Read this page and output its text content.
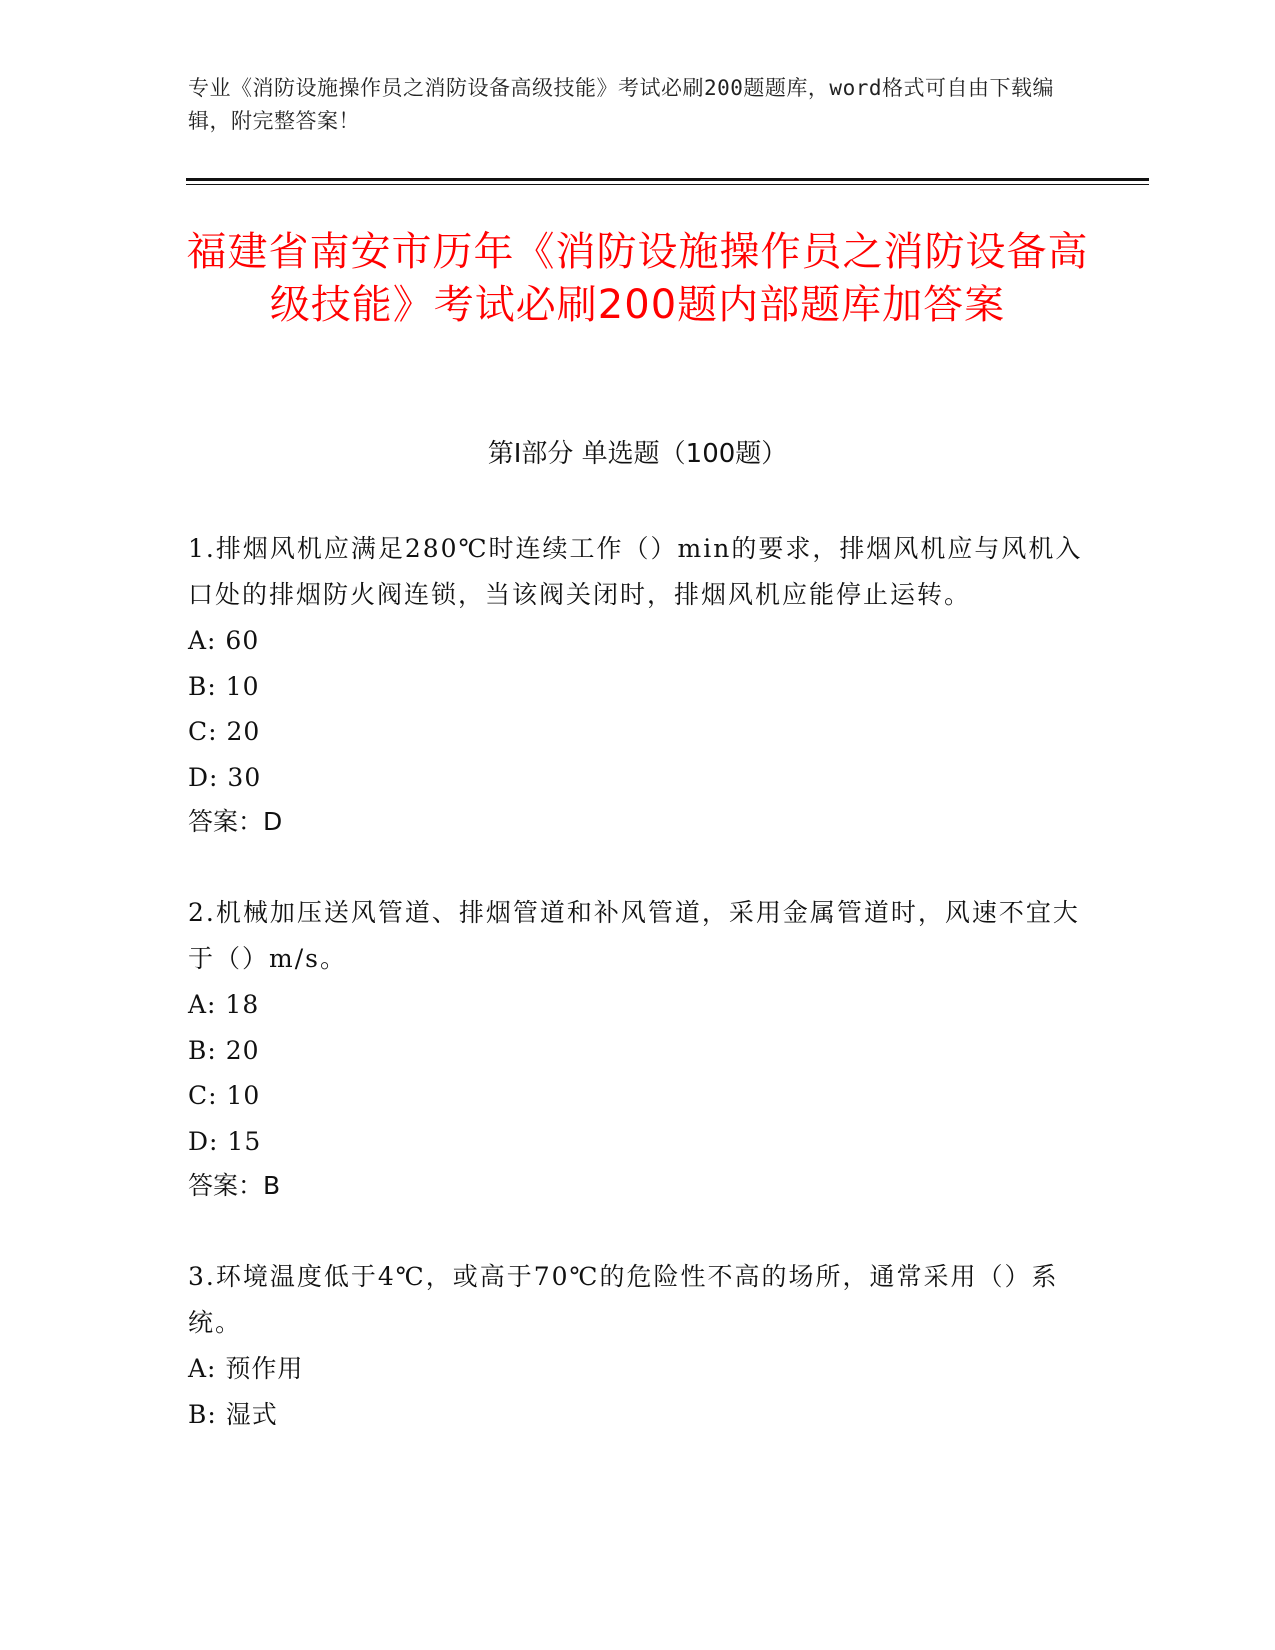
专业《消防设施操作员之消防设备高级技能》考试必刷200题题库，word格式可自由下载编辑，附完整答案！
福建省南安市历年《消防设施操作员之消防设备高级技能》考试必刷200题内部题库加答案
第Ⅰ部分 单选题（100题）

1.排烟风机应满足280℃时连续工作（）min的要求，排烟风机应与风机入口处的排烟防火阀连锁，当该阀关闭时，排烟风机应能停止运转。

A: 60
B: 10
C: 20
D: 30
答案：D

2.机械加压送风管道、排烟管道和补风管道，采用金属管道时，风速不宜大于（）m/s。

A: 18
B: 20
C: 10
D: 15
答案：B

3.环境温度低于4℃，或高于70℃的危险性不高的场所，通常采用（）系统。

A: 预作用
B: 湿式
